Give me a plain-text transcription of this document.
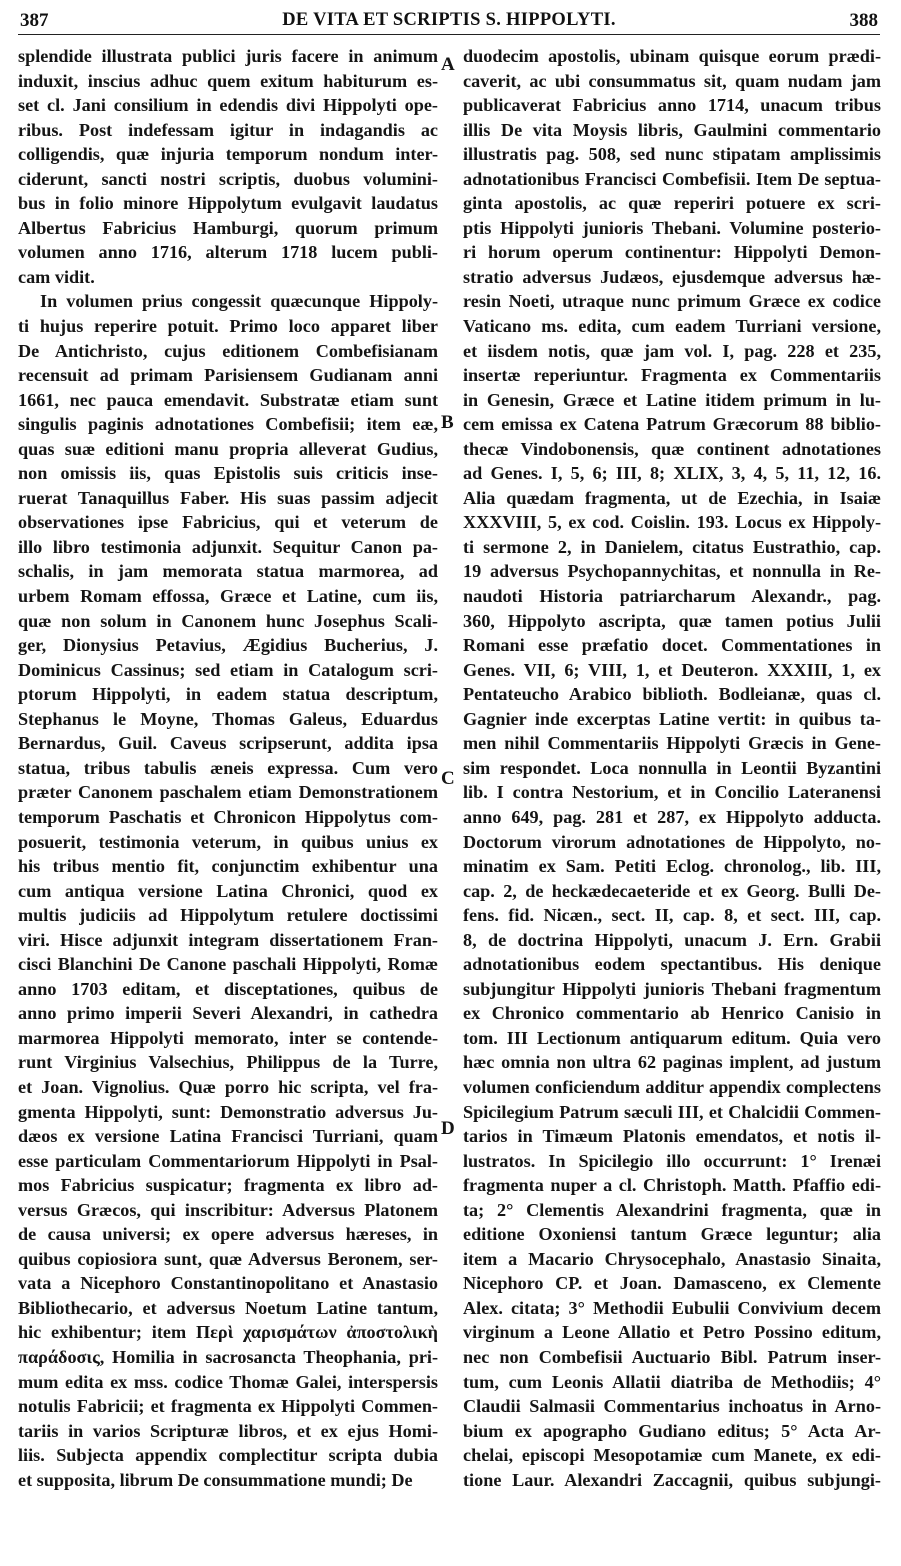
387	DE VITA ET SCRIPTIS S. HIPPOLYTI.	388
splendide illustrata publici juris facere in animum
induxit, inscius adhuc quem exitum habiturum es-
set cl. Jani consilium in edendis divi Hippolyti ope-
ribus. Post indefessam igitur in indagandis ac
colligendis, quæ injuria temporum nondum inter-
ciderunt, sancti nostri scriptis, duobus volumini-
bus in folio minore Hippolytum evulgavit laudatus
Albertus Fabricius Hamburgi, quorum primum
volumen anno 1716, alterum 1718 lucem publi-
cam vidit.
In volumen prius congessit quæcunque Hippoly-
ti hujus reperire potuit. Primo loco apparet liber
De Antichristo, cujus editionem Combefisianam
recensuit ad primam Parisiensem Gudianam anni
1661, nec pauca emendavit. Substratæ etiam sunt
singulis paginis adnotationes Combefisii; item eæ,
quas suæ editioni manu propria alleverat Gudius,
non omissis iis, quas Epistolis suis criticis inse-
ruerat Tanaquillus Faber. His suas passim adjecit
observationes ipse Fabricius, qui et veterum de
illo libro testimonia adjunxit. Sequitur Canon pa-
schalis, in jam memorata statua marmorea, ad
urbem Romam effossa, Græce et Latine, cum iis,
quæ non solum in Canonem hunc Josephus Scali-
ger, Dionysius Petavius, Ægidius Bucherius, J.
Dominicus Cassinus; sed etiam in Catalogum scri-
ptorum Hippolyti, in eadem statua descriptum,
Stephanus le Moyne, Thomas Galeus, Eduardus
Bernardus, Guil. Caveus scripserunt, addita ipsa
statua, tribus tabulis æneis expressa. Cum vero
præter Canonem paschalem etiam Demonstrationem
temporum Paschatis et Chronicon Hippolytus com-
posuerit, testimonia veterum, in quibus unius ex
his tribus mentio fit, conjunctim exhibentur una
cum antiqua versione Latina Chronici, quod ex
multis judiciis ad Hippolytum retulere doctissimi
viri. Hisce adjunxit integram dissertationem Fran-
cisci Blanchini De Canone paschali Hippolyti, Romæ
anno 1703 editam, et disceptationes, quibus de
anno primo imperii Severi Alexandri, in cathedra
marmorea Hippolyti memorato, inter se contende-
runt Virginius Valsechius, Philippus de la Turre,
et Joan. Vignolius. Quæ porro hic scripta, vel fra-
gmenta Hippolyti, sunt: Demonstratio adversus Ju-
dæos ex versione Latina Francisci Turriani, quam
esse particulam Commentariorum Hippolyti in Psal-
mos Fabricius suspicatur; fragmenta ex libro ad-
versus Græcos, qui inscribitur: Adversus Platonem
de causa universi; ex opere adversus hæreses, in
quibus copiosiora sunt, quæ Adversus Beronem, ser-
vata a Nicephoro Constantinopolitano et Anastasio
Bibliothecario, et adversus Noetum Latine tantum,
hic exhibentur; item Περὶ χαρισμάτων ἀποστολικὴ
παράδοσις, Homilia in sacrosancta Theophania, pri-
mum edita ex mss. codice Thomæ Galei, interspersis
notulis Fabricii; et fragmenta ex Hippolyti Commen-
tariis in varios Scripturæ libros, et ex ejus Homi-
liis. Subjecta appendix complectitur scripta dubia
et supposita, librum De consummatione mundi; De
duodecim apostolis, ubinam quisque eorum prædi-
caverit, ac ubi consummatus sit, quam nudam jam
publicaverat Fabricius anno 1714, unacum tribus
illis De vita Moysis libris, Gaulmini commentario
illustratis pag. 508, sed nunc stipatam amplissimis
adnotationibus Francisci Combefisii. Item De septua-
ginta apostolis, ac quæ reperiri potuere ex scri-
ptis Hippolyti junioris Thebani. Volumine posterio-
ri horum operum continentur: Hippolyti Demon-
stratio adversus Judæos, ejusdemque adversus hæ-
resin Noeti, utraque nunc primum Græce ex codice
Vaticano ms. edita, cum eadem Turriani versione,
et iisdem notis, quæ jam vol. I, pag. 228 et 235,
insertæ reperiuntur. Fragmenta ex Commentariis
in Genesin, Græce et Latine itidem primum in lu-
cem emissa ex Catena Patrum Græcorum 88 biblio-
thecæ Vindobonensis, quæ continent adnotationes
ad Genes. I, 5, 6; III, 8; XLIX, 3, 4, 5, 11, 12, 16.
Alia quædam fragmenta, ut de Ezechia, in Isaiæ
XXXVIII, 5, ex cod. Coislin. 193. Locus ex Hippoly-
ti sermone 2, in Danielem, citatus Eustrathio, cap.
19 adversus Psychopannychitas, et nonnulla in Re-
naudoti Historia patriarcharum Alexandr., pag.
360, Hippolyto ascripta, quæ tamen potius Julii
Romani esse præfatio docet. Commentationes in
Genes. VII, 6; VIII, 1, et Deuteron. XXXIII, 1, ex
Pentateucho Arabico biblioth. Bodleianæ, quas cl.
Gagnier inde excerptas Latine vertit: in quibus ta-
men nihil Commentariis Hippolyti Græcis in Gene-
sim respondet. Loca nonnulla in Leontii Byzantini
lib. I contra Nestorium, et in Concilio Lateranensi
anno 649, pag. 281 et 287, ex Hippolyto adducta.
Doctorum virorum adnotationes de Hippolyto, no-
minatim ex Sam. Petiti Eclog. chronolog., lib. III,
cap. 2, de heckædecaeteride et ex Georg. Bulli De-
fens. fid. Nicæn., sect. II, cap. 8, et sect. III, cap.
8, de doctrina Hippolyti, unacum J. Ern. Grabii
adnotationibus eodem spectantibus. His denique
subjungitur Hippolyti junioris Thebani fragmentum
ex Chronico commentario ab Henrico Canisio in
tom. III Lectionum antiquarum editum. Quia vero
hæc omnia non ultra 62 paginas implent, ad justum
volumen conficiendum additur appendix complectens
Spicilegium Patrum sæculi III, et Chalcidii Commen-
tarios in Timæum Platonis emendatos, et notis il-
lustratos. In Spicilegio illo occurrunt: 1° Irenæi
fragmenta nuper a cl. Christoph. Matth. Pfaffio edi-
ta; 2° Clementis Alexandrini fragmenta, quæ in
editione Oxoniensi tantum Græce leguntur; alia
item a Macario Chrysocephalo, Anastasio Sinaita,
Nicephoro CP. et Joan. Damasceno, ex Clemente
Alex. citata; 3° Methodii Eubulii Convivium decem
virginum a Leone Allatio et Petro Possino editum,
nec non Combefisii Auctuario Bibl. Patrum inser-
tum, cum Leonis Allatii diatriba de Methodiis; 4°
Claudii Salmasii Commentarius inchoatus in Arno-
bium ex apographo Gudiano editus; 5° Acta Ar-
chelai, episcopi Mesopotamiæ cum Manete, ex edi-
tione Laur. Alexandri Zaccagnii, quibus subjungi-
A
B
C
D
